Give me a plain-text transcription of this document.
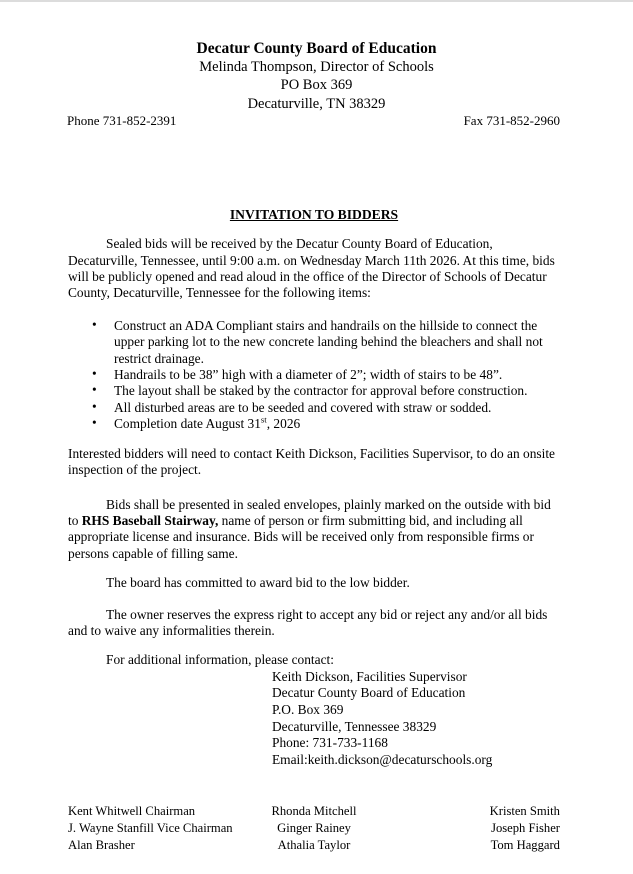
Decatur County Board of Education
Melinda Thompson, Director of Schools
PO Box 369
Decaturville, TN 38329
Phone 731-852-2391	Fax 731-852-2960
INVITATION TO BIDDERS

Sealed bids will be received by the Decatur County Board of Education, Decaturville, Tennessee, until 9:00 a.m. on Wednesday March 11th 2026. At this time, bids will be publicly opened and read aloud in the office of the Director of Schools of Decatur County, Decaturville, Tennessee for the following items:

• Construct an ADA Compliant stairs and handrails on the hillside to connect the upper parking lot to the new concrete landing behind the bleachers and shall not restrict drainage.
• Handrails to be 38” high with a diameter of 2”; width of stairs to be 48”.
• The layout shall be staked by the contractor for approval before construction.
• All disturbed areas are to be seeded and covered with straw or sodded.
• Completion date August 31st, 2026

Interested bidders will need to contact Keith Dickson, Facilities Supervisor, to do an onsite inspection of the project.

Bids shall be presented in sealed envelopes, plainly marked on the outside with bid to RHS Baseball Stairway, name of person or firm submitting bid, and including all appropriate license and insurance. Bids will be received only from responsible firms or persons capable of filling same.

The board has committed to award bid to the low bidder.

The owner reserves the express right to accept any bid or reject any and/or all bids and to waive any informalities therein.

For additional information, please contact:

Keith Dickson, Facilities Supervisor
Decatur County Board of Education
P.O. Box 369
Decaturville, Tennessee 38329
Phone: 731-733-1168
Email:keith.dickson@decaturschools.org
Kent Whitwell Chairman
J. Wayne Stanfill Vice Chairman
Alan Brasher
Rhonda Mitchell
Ginger Rainey
Athalia Taylor
Kristen Smith
Joseph Fisher
Tom Haggard
